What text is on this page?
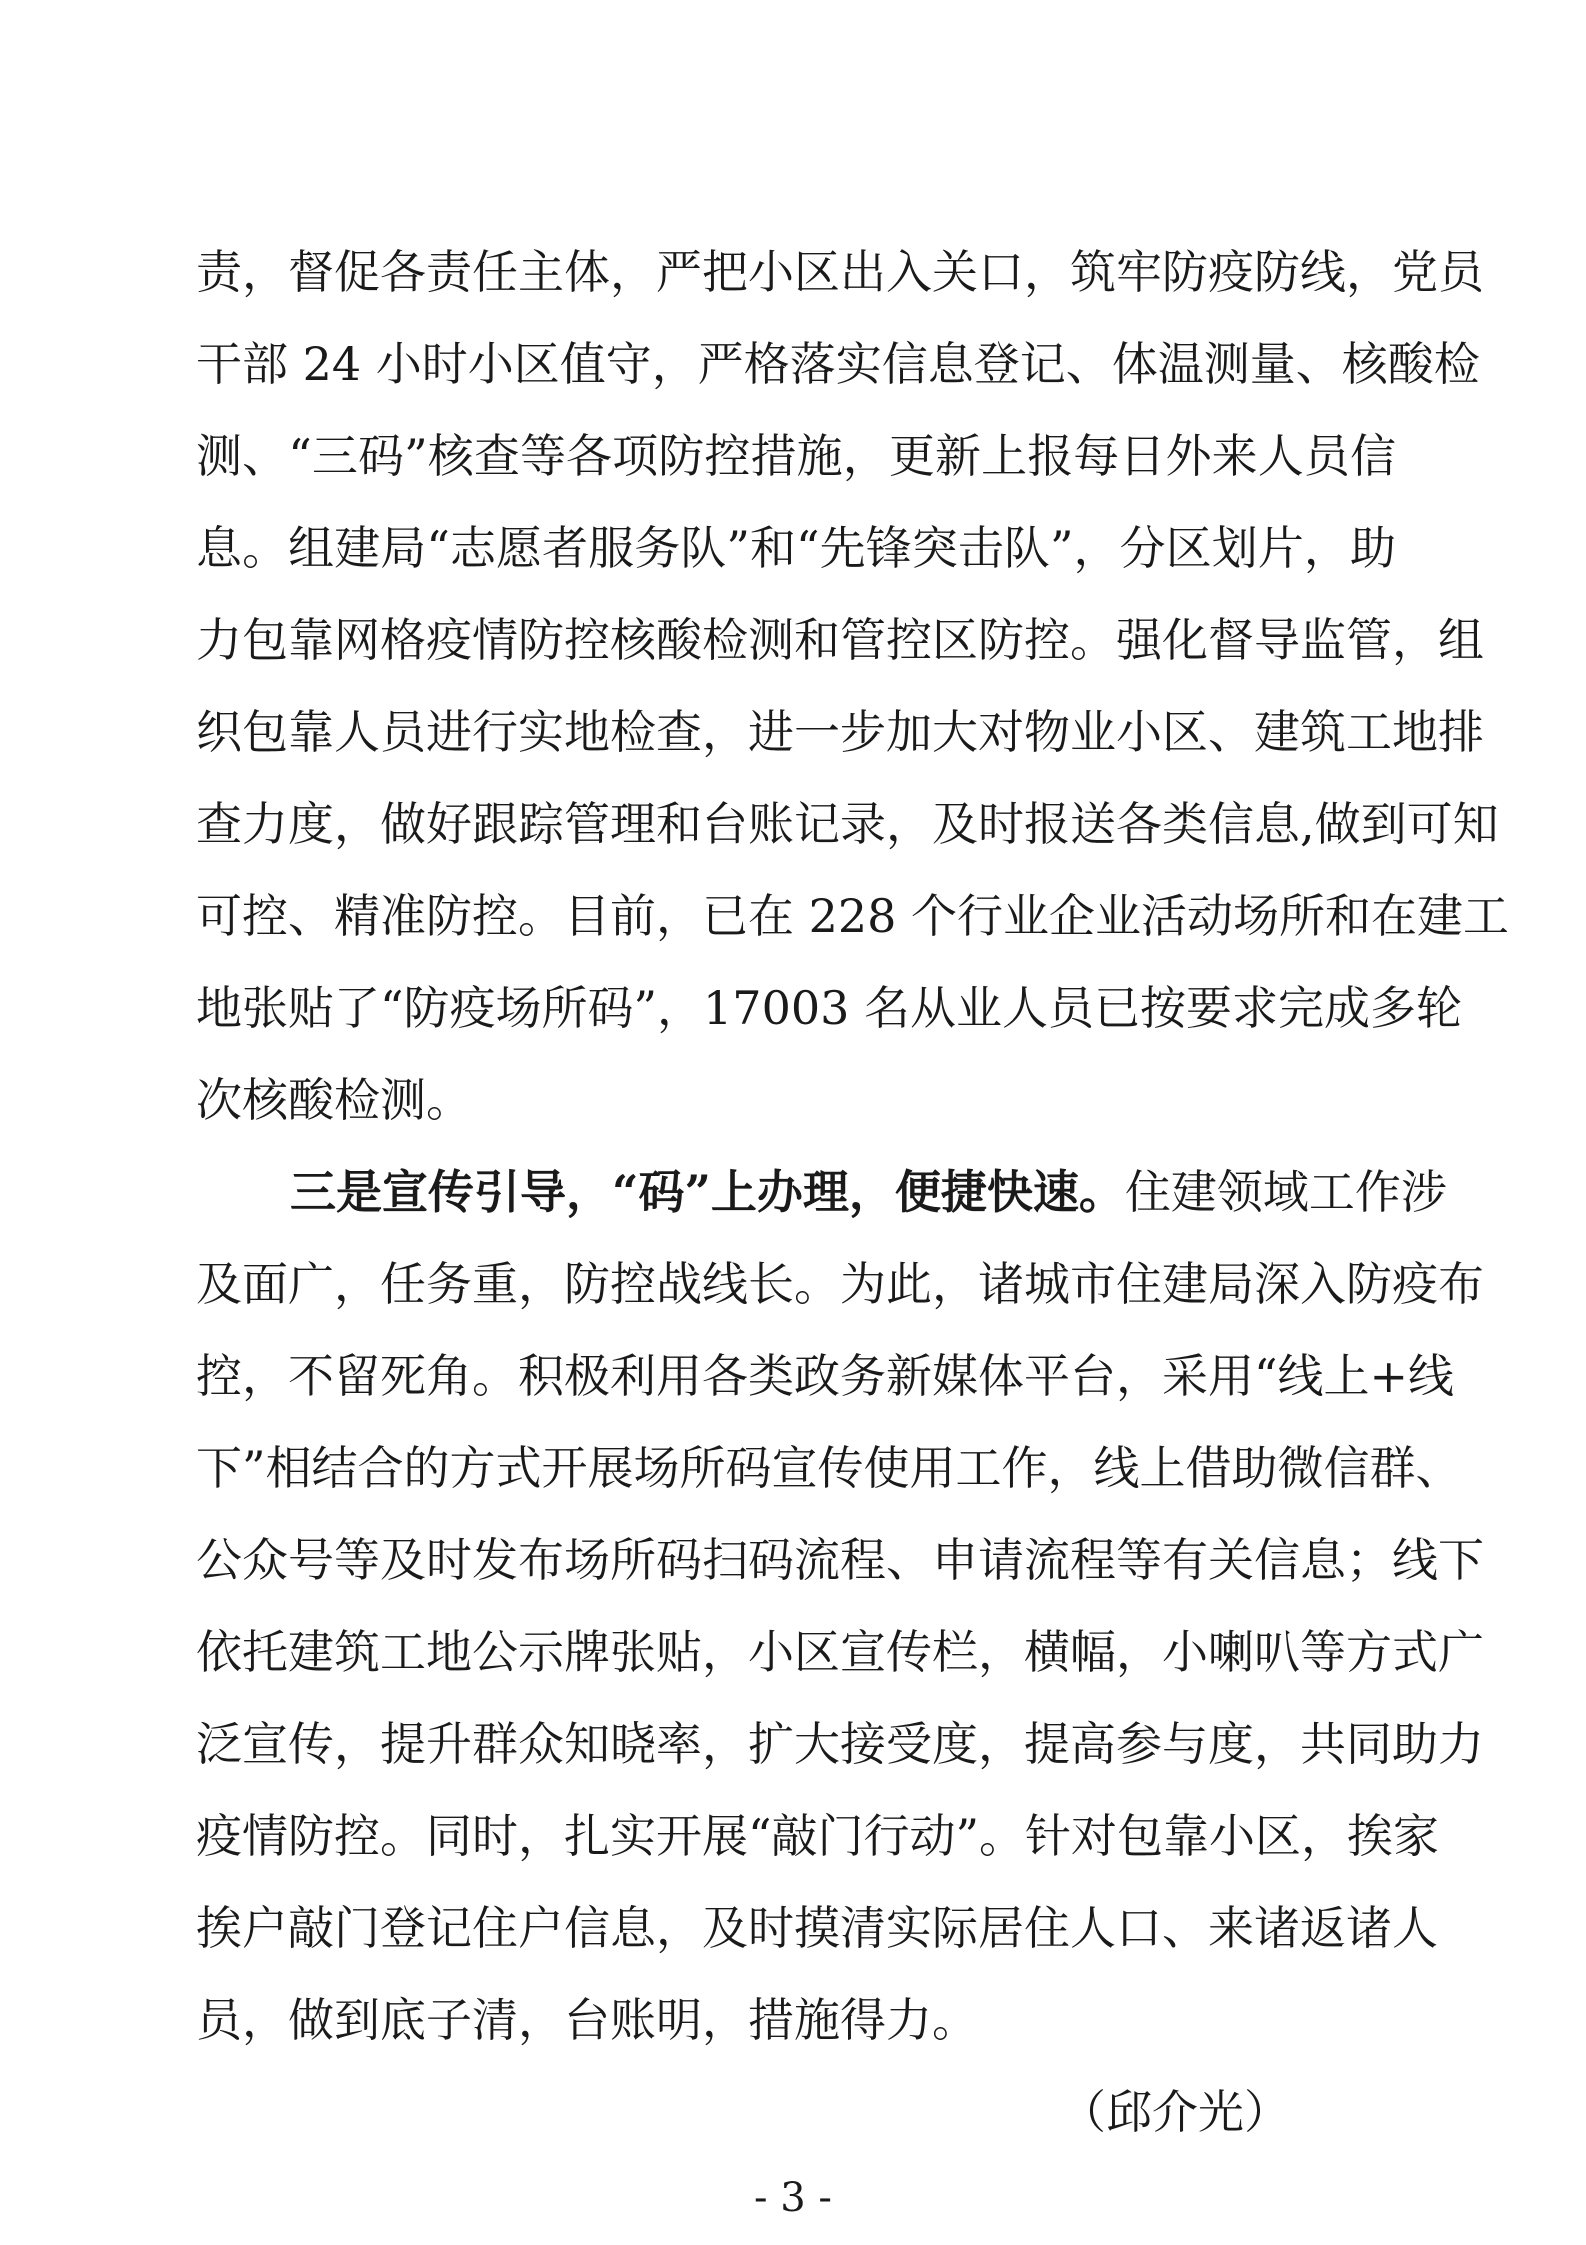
责，督促各责任主体，严把小区出入关口，筑牢防疫防线，党员
干部 24 小时小区值守，严格落实信息登记、体温测量、核酸检
测、“三码”核查等各项防控措施，更新上报每日外来人员信
息。组建局“志愿者服务队”和“先锋突击队”，分区划片，助
力包靠网格疫情防控核酸检测和管控区防控。强化督导监管，组
织包靠人员进行实地检查，进一步加大对物业小区、建筑工地排
查力度，做好跟踪管理和台账记录，及时报送各类信息,做到可知
可控、精准防控。目前，已在 228 个行业企业活动场所和在建工
地张贴了“防疫场所码”，17003 名从业人员已按要求完成多轮
次核酸检测。
三是宣传引导，“码”上办理，便捷快速。住建领域工作涉
及面广，任务重，防控战线长。为此，诸城市住建局深入防疫布
控，不留死角。积极利用各类政务新媒体平台，采用“线上+线
下”相结合的方式开展场所码宣传使用工作，线上借助微信群、
公众号等及时发布场所码扫码流程、申请流程等有关信息；线下
依托建筑工地公示牌张贴，小区宣传栏，横幅，小喇叭等方式广
泛宣传，提升群众知晓率，扩大接受度，提高参与度，共同助力
疫情防控。同时，扎实开展“敲门行动”。针对包靠小区，挨家
挨户敲门登记住户信息，及时摸清实际居住人口、来诸返诸人
员，做到底子清，台账明，措施得力。
（邱介光）
- 3 -
